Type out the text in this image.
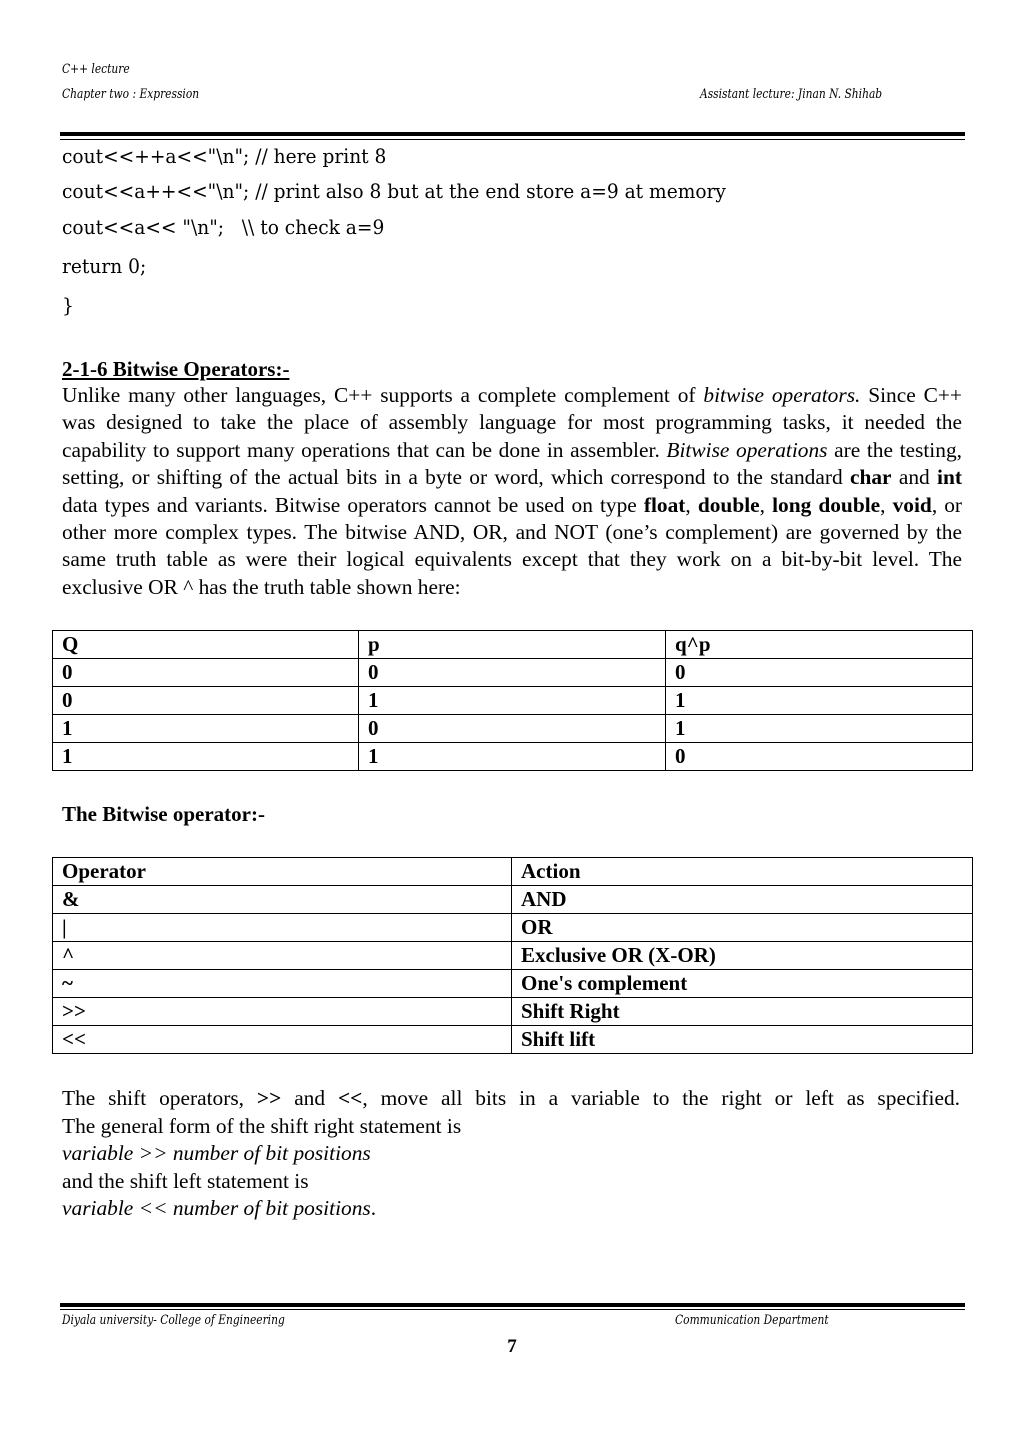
C++ lecture
Chapter two : Expression	Assistant lecture: Jinan N. Shihab
cout<<++a<<"\n"; // here print 8
cout<<a++<<"\n"; // print also 8 but at the end store a=9 at memory
cout<<a<< "\n";   \\ to check a=9
return 0;
}
2-1-6 Bitwise Operators:-

Unlike many other languages, C++ supports a complete complement of bitwise operators. Since C++ was designed to take the place of assembly language for most programming tasks, it needed the capability to support many operations that can be done in assembler. Bitwise operations are the testing, setting, or shifting of the actual bits in a byte or word, which correspond to the standard char and int data types and variants. Bitwise operators cannot be used on type float, double, long double, void, or other more complex types. The bitwise AND, OR, and NOT (one’s complement) are governed by the same truth table as were their logical equivalents except that they work on a bit-by-bit level. The exclusive OR ^ has the truth table shown here:

Q	p	q^p
0	0	0
0	1	1
1	0	1
1	1	0
The Bitwise operator:-
Operator	Action
&	AND
|	OR
^	Exclusive OR (X-OR)
~	One's complement
>>	Shift Right
<<	Shift lift
The shift operators, >> and <<, move all bits in a variable to the right or left as specified.
The general form of the shift right statement is
variable >> number of bit positions
and the shift left statement is
variable << number of bit positions.
Diyala university- College of Engineering	Communication Department
7
